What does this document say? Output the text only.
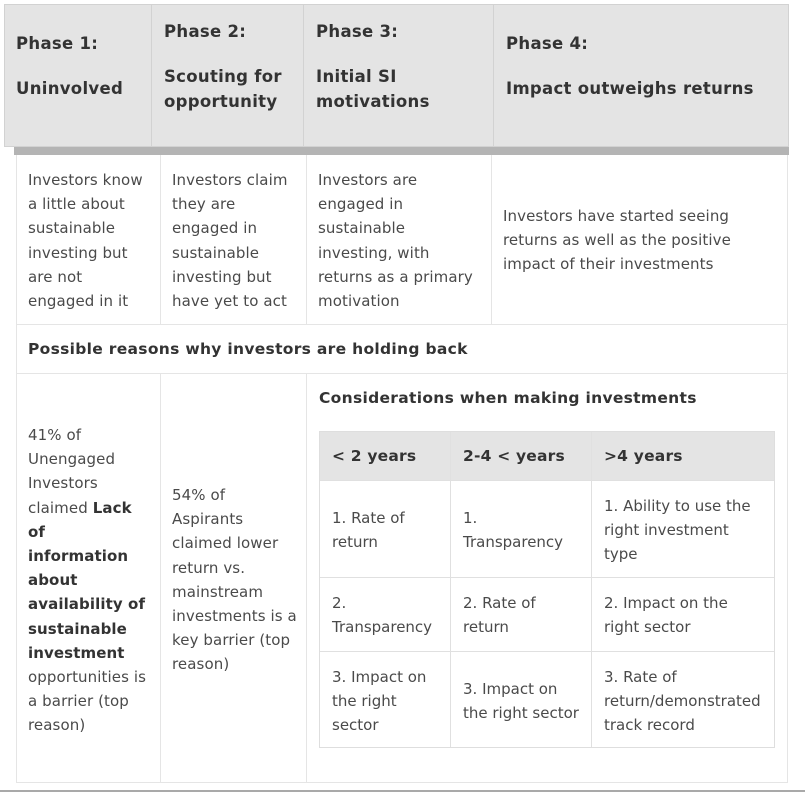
Phase 1:
Uninvolved
Phase 2:
Scouting for
opportunity
Phase 3:
Initial SI
motivations
Phase 4:
Impact outweighs returns
Investors know
a little about
sustainable
investing but
are not
engaged in it
Investors claim
they are
engaged in
sustainable
investing but
have yet to act
Investors are
engaged in
sustainable
investing, with
returns as a primary
motivation
Investors have started seeing
returns as well as the positive
impact of their investments
Possible reasons why investors are holding back
41% of
Unengaged
Investors
claimed Lack
of
information
about
availability of
sustainable
investment
opportunities is
a barrier (top
reason)
54% of
Aspirants
claimed lower
return vs.
mainstream
investments is a
key barrier (top
reason)
Considerations when making investments
< 2 years	2-4 < years	>4 years
1. Rate of
return
1.
Transparency
1. Ability to use the
right investment
type
2.
Transparency
2. Rate of
return
2. Impact on the
right sector
3. Impact on
the right
sector
3. Impact on
the right sector
3. Rate of
return/demonstrated
track record
